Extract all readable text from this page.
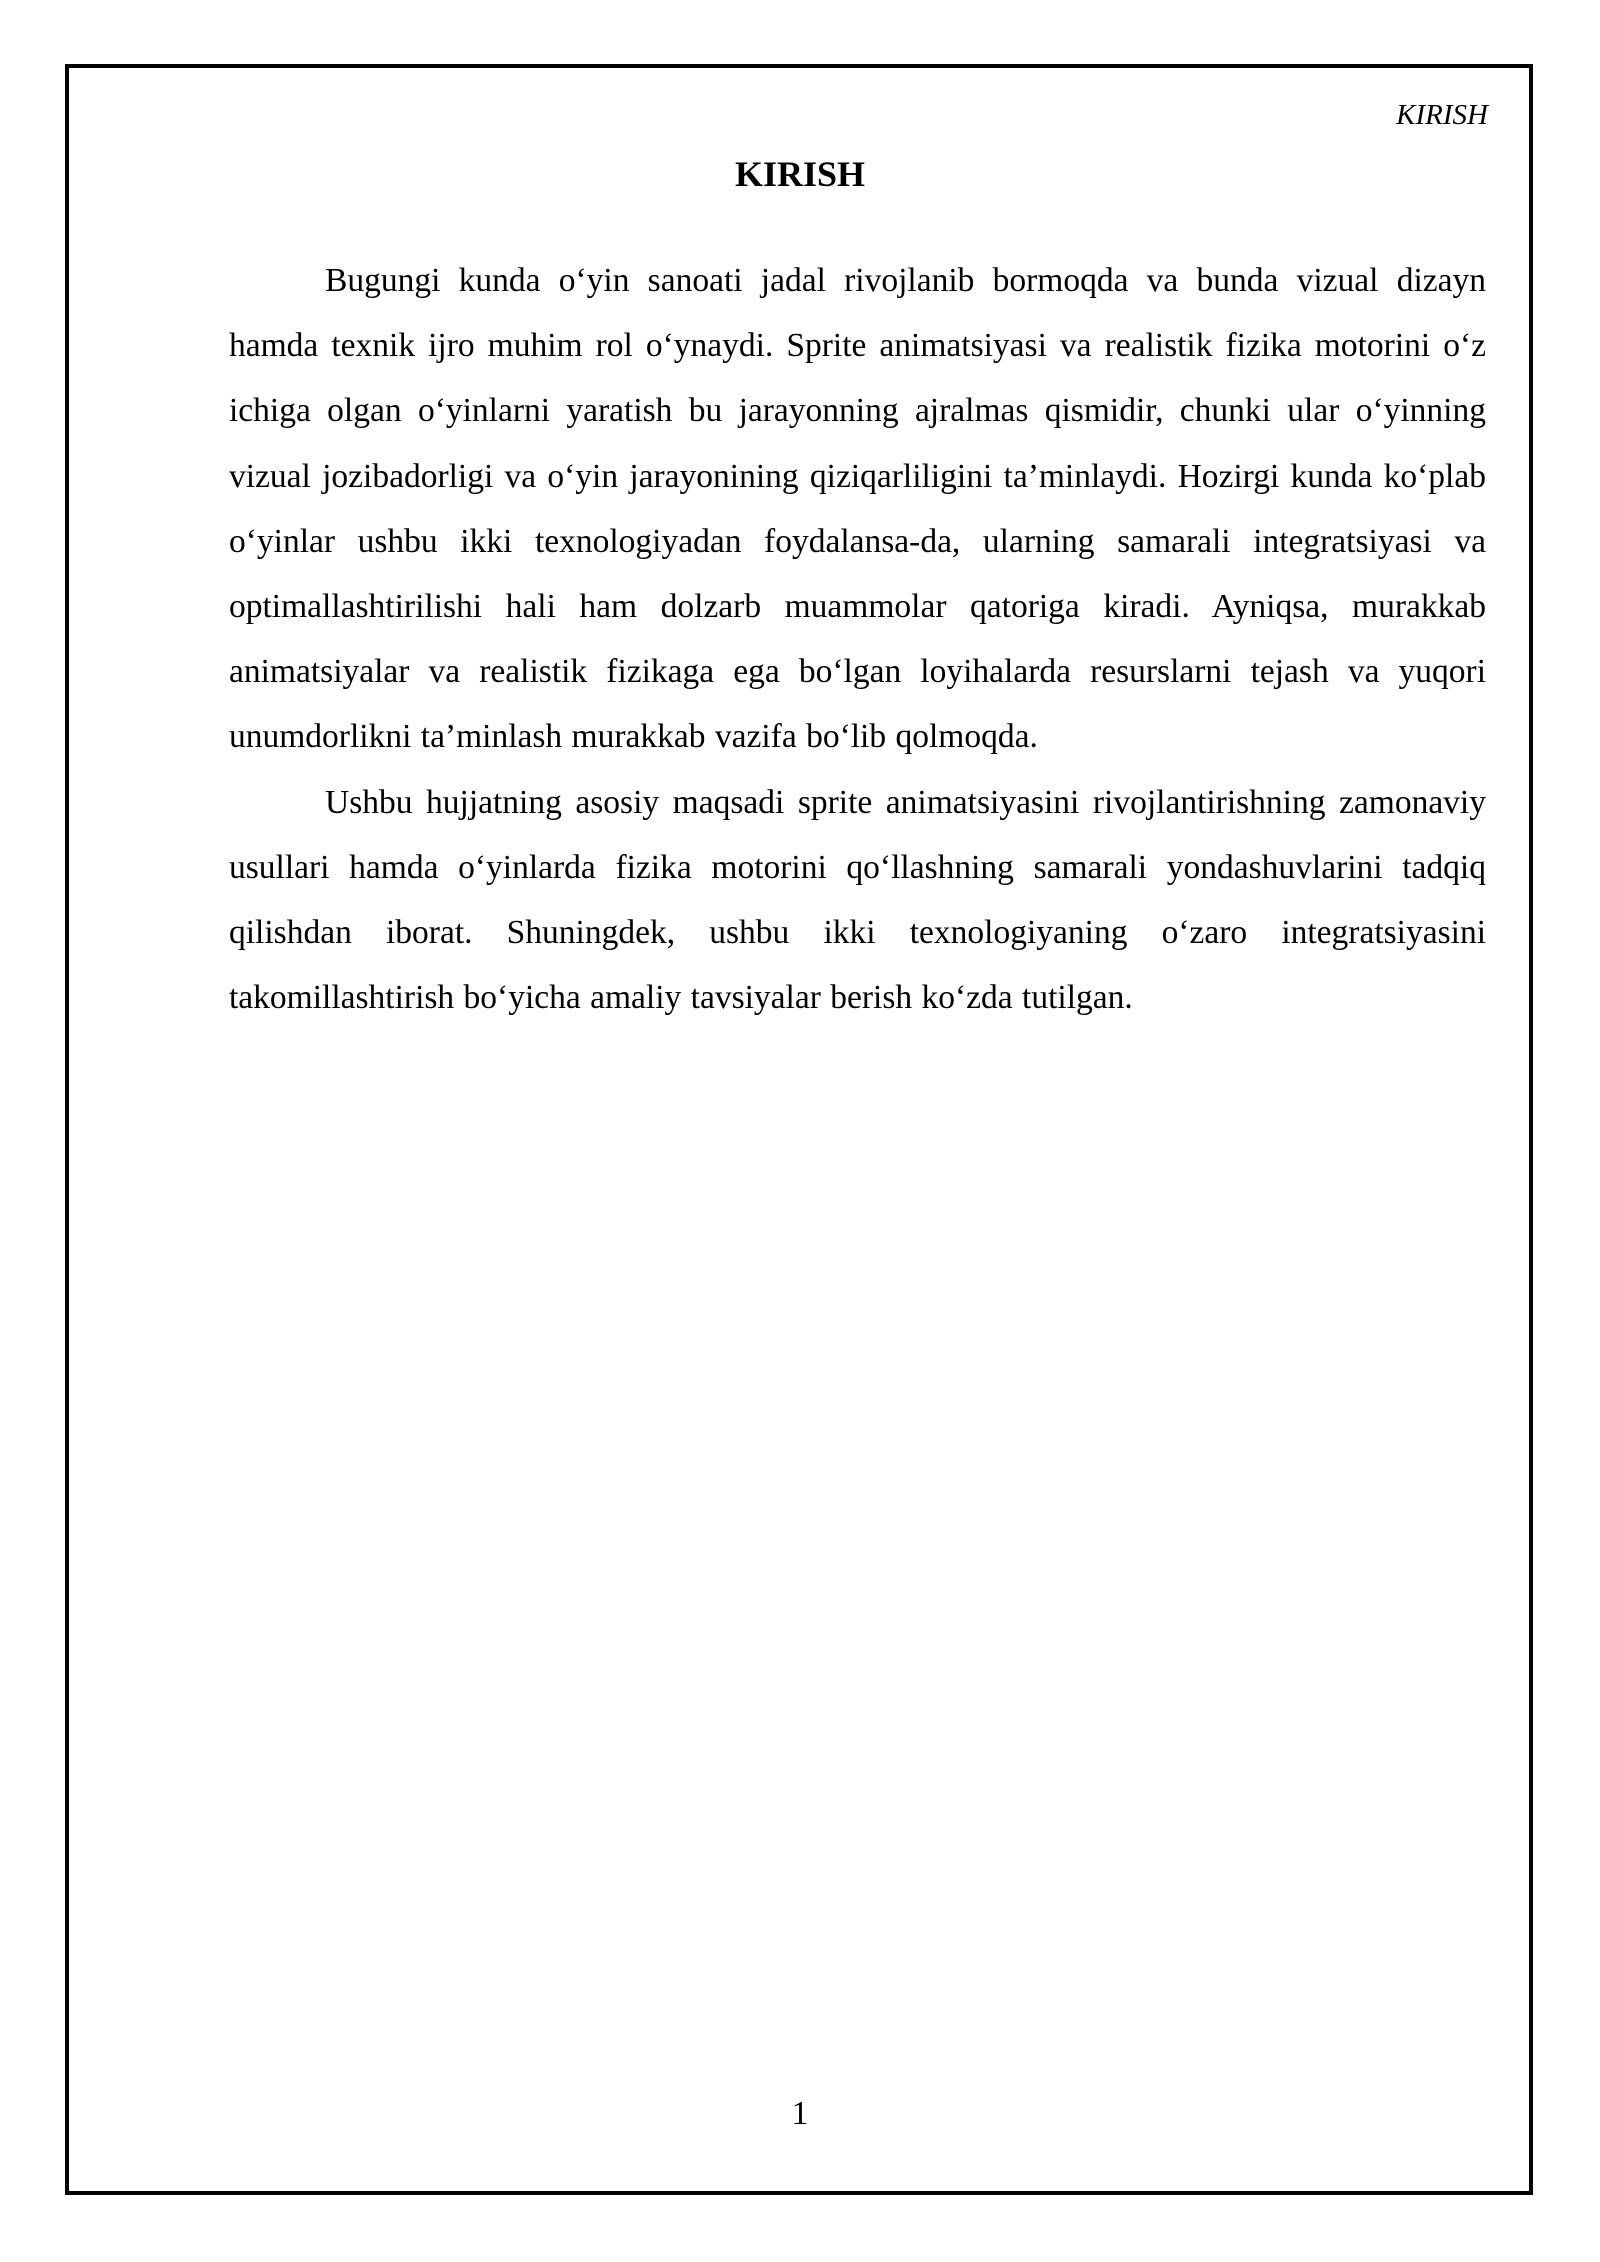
KIRISH
KIRISH

Bugungi kunda o‘yin sanoati jadal rivojlanib bormoqda va bunda vizual dizayn hamda texnik ijro muhim rol o‘ynaydi. Sprite animatsiyasi va realistik fizika motorini o‘z ichiga olgan o‘yinlarni yaratish bu jarayonning ajralmas qismidir, chunki ular o‘yinning vizual jozibadorligi va o‘yin jarayonining qiziqarliligini ta’minlaydi. Hozirgi kunda ko‘plab o‘yinlar ushbu ikki texnologiyadan foydalansa-da, ularning samarali integratsiyasi va optimallashtirilishi hali ham dolzarb muammolar qatoriga kiradi. Ayniqsa, murakkab animatsiyalar va realistik fizikaga ega bo‘lgan loyihalarda resurslarni tejash va yuqori unumdorlikni ta’minlash murakkab vazifa bo‘lib qolmoqda.

Ushbu hujjatning asosiy maqsadi sprite animatsiyasini rivojlantirishning zamonaviy usullari hamda o‘yinlarda fizika motorini qo‘llashning samarali yondashuvlarini tadqiq qilishdan iborat. Shuningdek, ushbu ikki texnologiyaning o‘zaro integratsiyasini takomillashtirish bo‘yicha amaliy tavsiyalar berish ko‘zda tutilgan.

1
